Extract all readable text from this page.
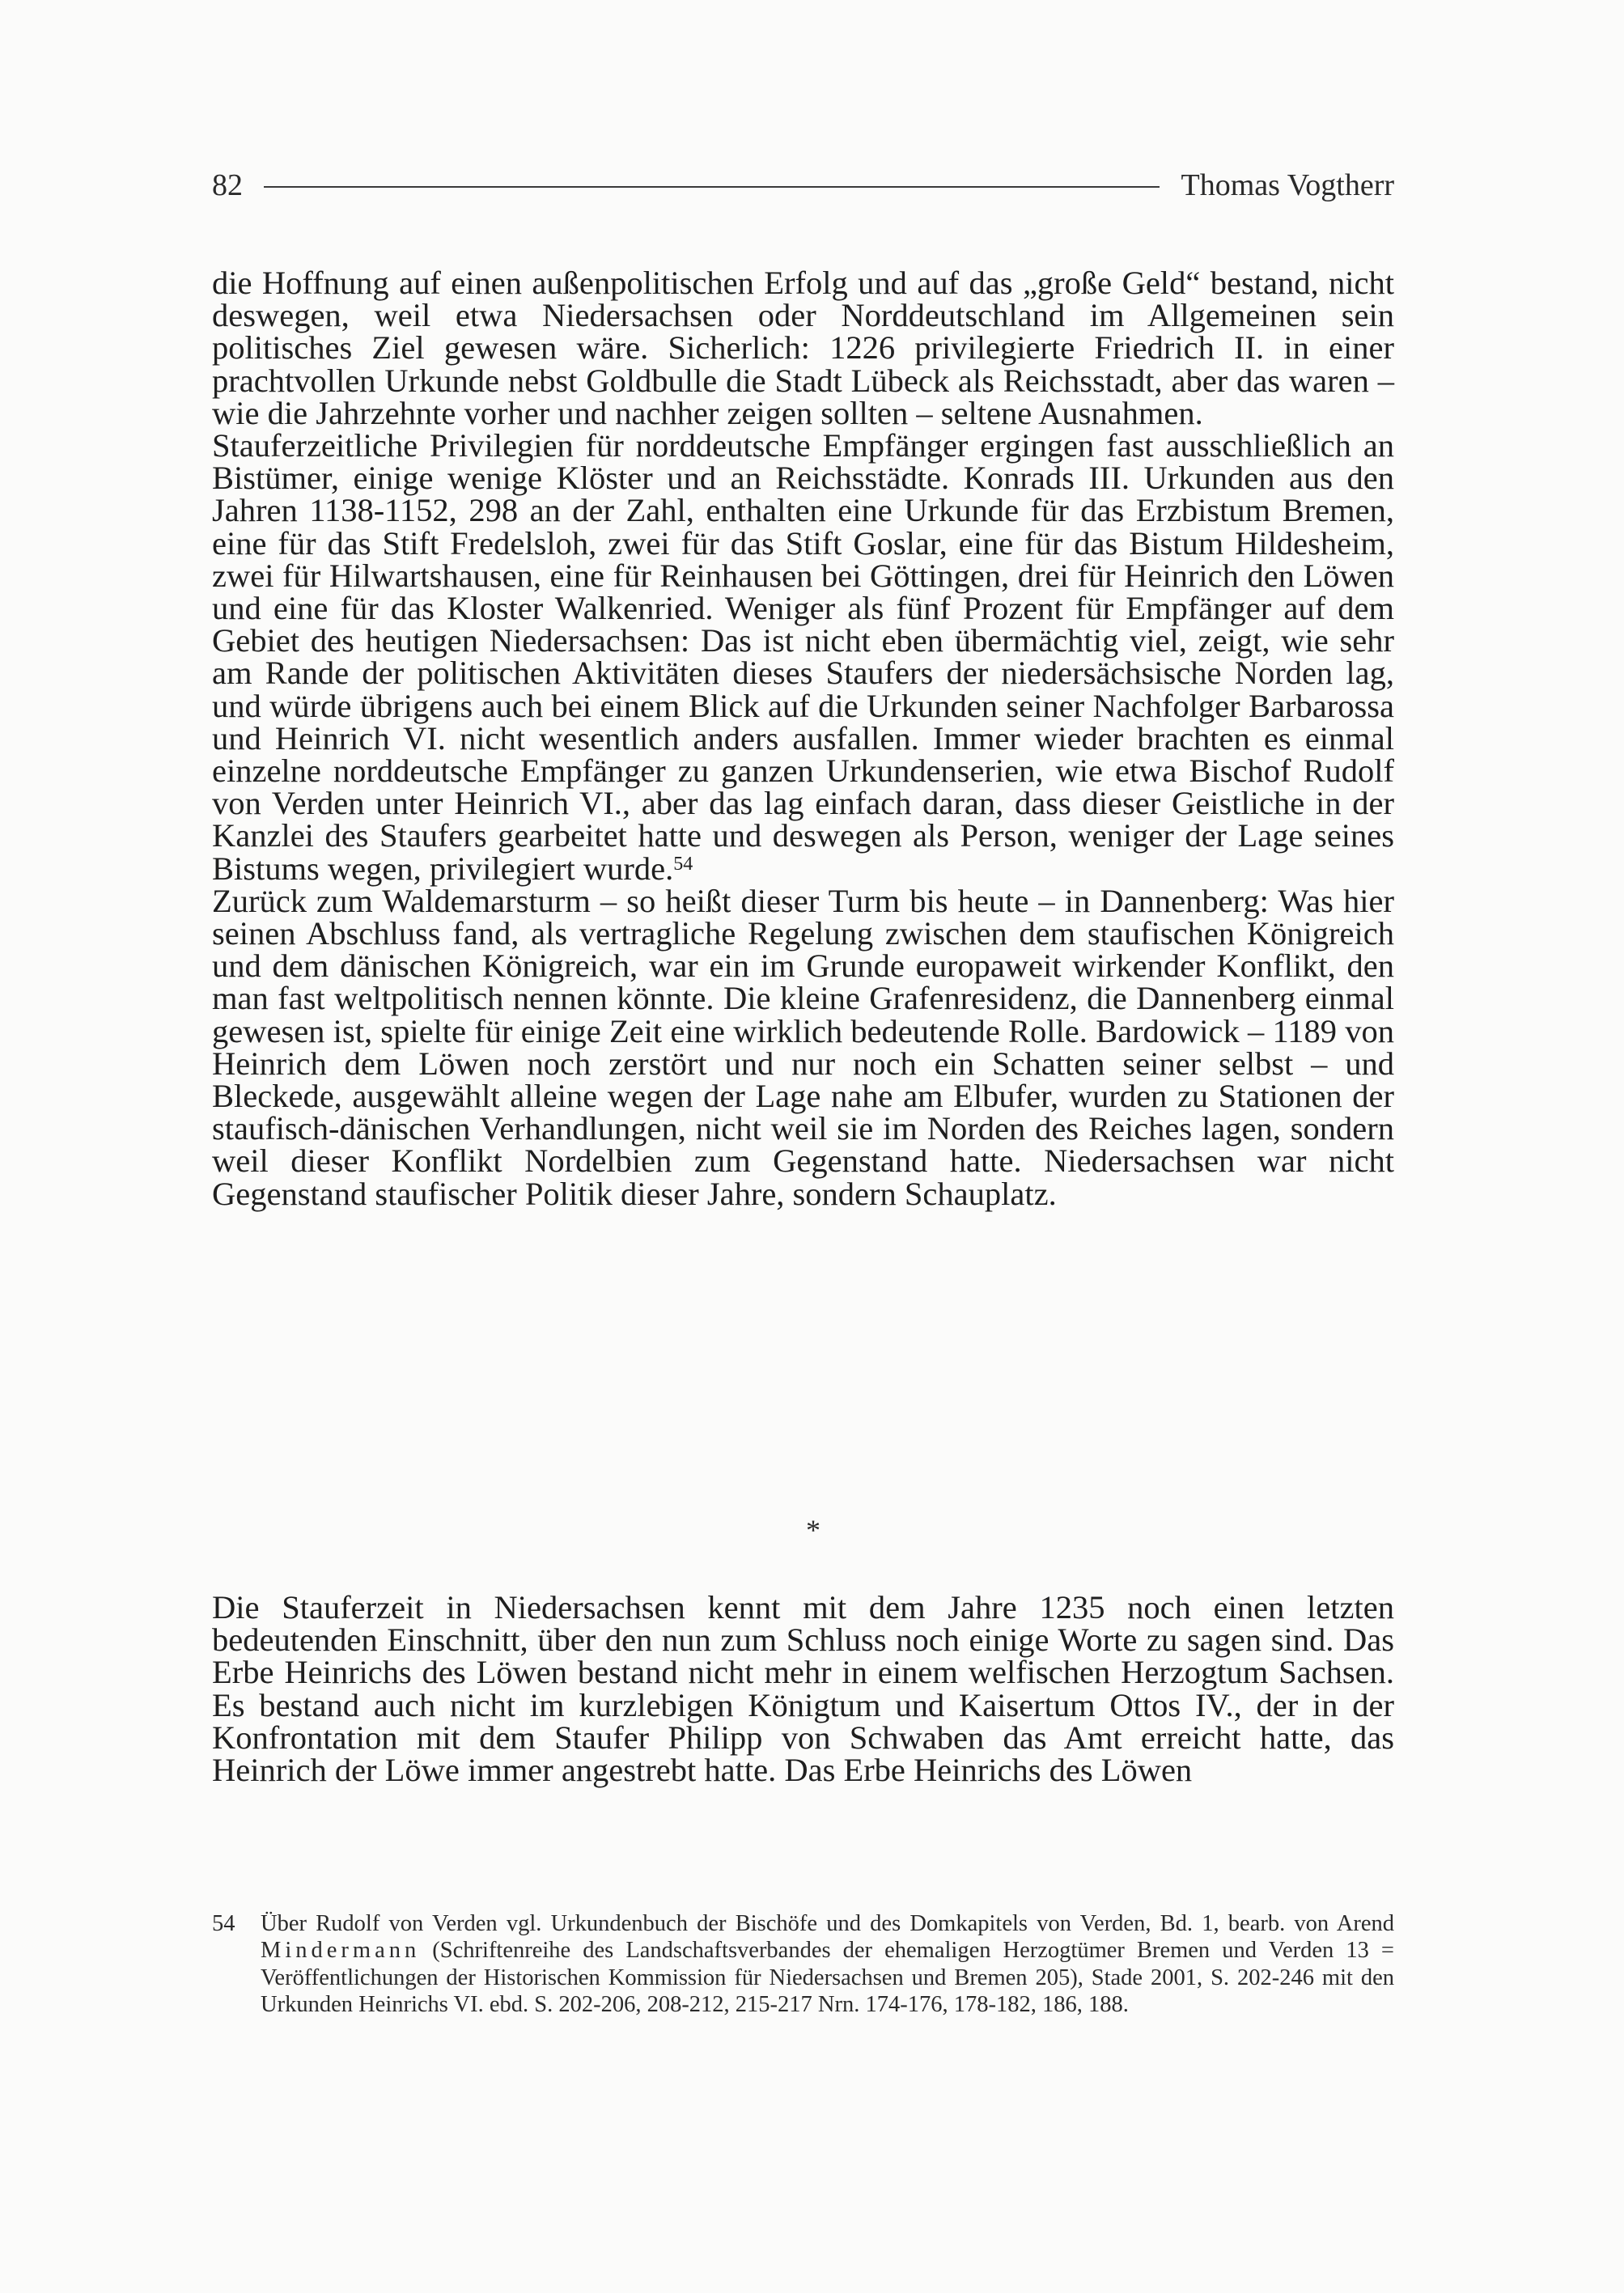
82	Thomas Vogtherr

die Hoffnung auf einen außenpolitischen Erfolg und auf das „große Geld“ bestand, nicht deswegen, weil etwa Niedersachsen oder Norddeutschland im Allgemeinen sein politisches Ziel gewesen wäre. Sicherlich: 1226 privilegierte Friedrich II. in einer prachtvollen Urkunde nebst Goldbulle die Stadt Lübeck als Reichsstadt, aber das waren – wie die Jahrzehnte vorher und nachher zeigen sollten – seltene Ausnahmen.

Stauferzeitliche Privilegien für norddeutsche Empfänger ergingen fast ausschließlich an Bistümer, einige wenige Klöster und an Reichsstädte. Konrads III. Urkunden aus den Jahren 1138-1152, 298 an der Zahl, enthalten eine Urkunde für das Erzbistum Bremen, eine für das Stift Fredelsloh, zwei für das Stift Goslar, eine für das Bistum Hildesheim, zwei für Hilwartshausen, eine für Reinhausen bei Göttingen, drei für Heinrich den Löwen und eine für das Kloster Walkenried. Weniger als fünf Prozent für Empfänger auf dem Gebiet des heutigen Niedersachsen: Das ist nicht eben übermächtig viel, zeigt, wie sehr am Rande der politischen Aktivitäten dieses Staufers der niedersächsische Norden lag, und würde übrigens auch bei einem Blick auf die Urkunden seiner Nachfolger Barbarossa und Heinrich VI. nicht wesentlich anders ausfallen. Immer wieder brachten es einmal einzelne norddeutsche Empfänger zu ganzen Urkundenserien, wie etwa Bischof Rudolf von Verden unter Heinrich VI., aber das lag einfach daran, dass dieser Geistliche in der Kanzlei des Staufers gearbeitet hatte und deswegen als Person, weniger der Lage seines Bistums wegen, privilegiert wurde.$^{54}$

Zurück zum Waldemarsturm – so heißt dieser Turm bis heute – in Dannenberg: Was hier seinen Abschluss fand, als vertragliche Regelung zwischen dem staufischen Königreich und dem dänischen Königreich, war ein im Grunde europaweit wirkender Konflikt, den man fast weltpolitisch nennen könnte. Die kleine Grafenresidenz, die Dannenberg einmal gewesen ist, spielte für einige Zeit eine wirklich bedeutende Rolle. Bardowick – 1189 von Heinrich dem Löwen noch zerstört und nur noch ein Schatten seiner selbst – und Bleckede, ausgewählt alleine wegen der Lage nahe am Elbufer, wurden zu Stationen der staufisch-dänischen Verhandlungen, nicht weil sie im Norden des Reiches lagen, sondern weil dieser Konflikt Nordelbien zum Gegenstand hatte. Niedersachsen war nicht Gegenstand staufischer Politik dieser Jahre, sondern Schauplatz.

*

Die Stauferzeit in Niedersachsen kennt mit dem Jahre 1235 noch einen letzten bedeutenden Einschnitt, über den nun zum Schluss noch einige Worte zu sagen sind. Das Erbe Heinrichs des Löwen bestand nicht mehr in einem welfischen Herzogtum Sachsen. Es bestand auch nicht im kurzlebigen Königtum und Kaisertum Ottos IV., der in der Konfrontation mit dem Staufer Philipp von Schwaben das Amt erreicht hatte, das Heinrich der Löwe immer angestrebt hatte. Das Erbe Heinrichs des Löwen

54	Über Rudolf von Verden vgl. Urkundenbuch der Bischöfe und des Domkapitels von Verden, Bd. 1, bearb. von Arend Mindermann (Schriftenreihe des Landschaftsverbandes der ehemaligen Herzogtümer Bremen und Verden 13 = Veröffentlichungen der Historischen Kommission für Niedersachsen und Bremen 205), Stade 2001, S. 202-246 mit den Urkunden Heinrichs VI. ebd. S. 202-206, 208-212, 215-217 Nrn. 174-176, 178-182, 186, 188.
